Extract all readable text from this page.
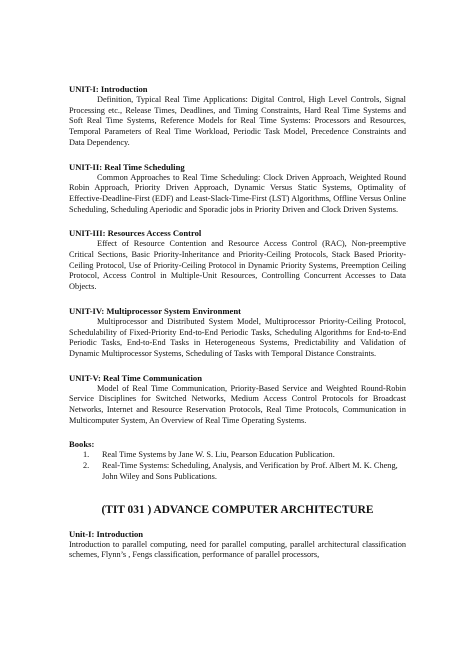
UNIT-I: Introduction

Definition, Typical Real Time Applications: Digital Control, High Level Controls, Signal Processing etc., Release Times, Deadlines, and Timing Constraints, Hard Real Time Systems and Soft Real Time Systems, Reference Models for Real Time Systems: Processors and Resources, Temporal Parameters of Real Time Workload, Periodic Task Model, Precedence Constraints and Data Dependency.

UNIT-II: Real Time Scheduling

Common Approaches to Real Time Scheduling: Clock Driven Approach, Weighted Round Robin Approach, Priority Driven Approach, Dynamic Versus Static Systems, Optimality of Effective-Deadline-First (EDF) and Least-Slack-Time-First (LST) Algorithms, Offline Versus Online Scheduling, Scheduling Aperiodic and Sporadic jobs in Priority Driven and Clock Driven Systems.

UNIT-III: Resources Access Control

Effect of Resource Contention and Resource Access Control (RAC), Non-preemptive Critical Sections, Basic Priority-Inheritance and Priority-Ceiling Protocols, Stack Based Priority-Ceiling Protocol, Use of Priority-Ceiling Protocol in Dynamic Priority Systems, Preemption Ceiling Protocol, Access Control in Multiple-Unit Resources, Controlling Concurrent Accesses to Data Objects.

UNIT-IV: Multiprocessor System Environment

Multiprocessor and Distributed System Model, Multiprocessor Priority-Ceiling Protocol, Schedulability of Fixed-Priority End-to-End Periodic Tasks, Scheduling Algorithms for End-to-End Periodic Tasks, End-to-End Tasks in Heterogeneous Systems, Predictability and Validation of Dynamic Multiprocessor Systems, Scheduling of Tasks with Temporal Distance Constraints.

UNIT-V: Real Time Communication

Model of Real Time Communication, Priority-Based Service and Weighted Round-Robin Service Disciplines for Switched Networks, Medium Access Control Protocols for Broadcast Networks, Internet and Resource Reservation Protocols, Real Time Protocols, Communication in Multicomputer System, An Overview of Real Time Operating Systems.

Books:

1. Real Time Systems by Jane W. S. Liu, Pearson Education Publication.
2. Real-Time Systems: Scheduling, Analysis, and Verification by Prof. Albert M. K. Cheng, John Wiley and Sons Publications.

(TIT 031 ) ADVANCE COMPUTER ARCHITECTURE

Unit-I: Introduction

Introduction to parallel computing, need for parallel computing, parallel architectural classification schemes, Flynn’s , Fengs classification, performance of parallel processors,
